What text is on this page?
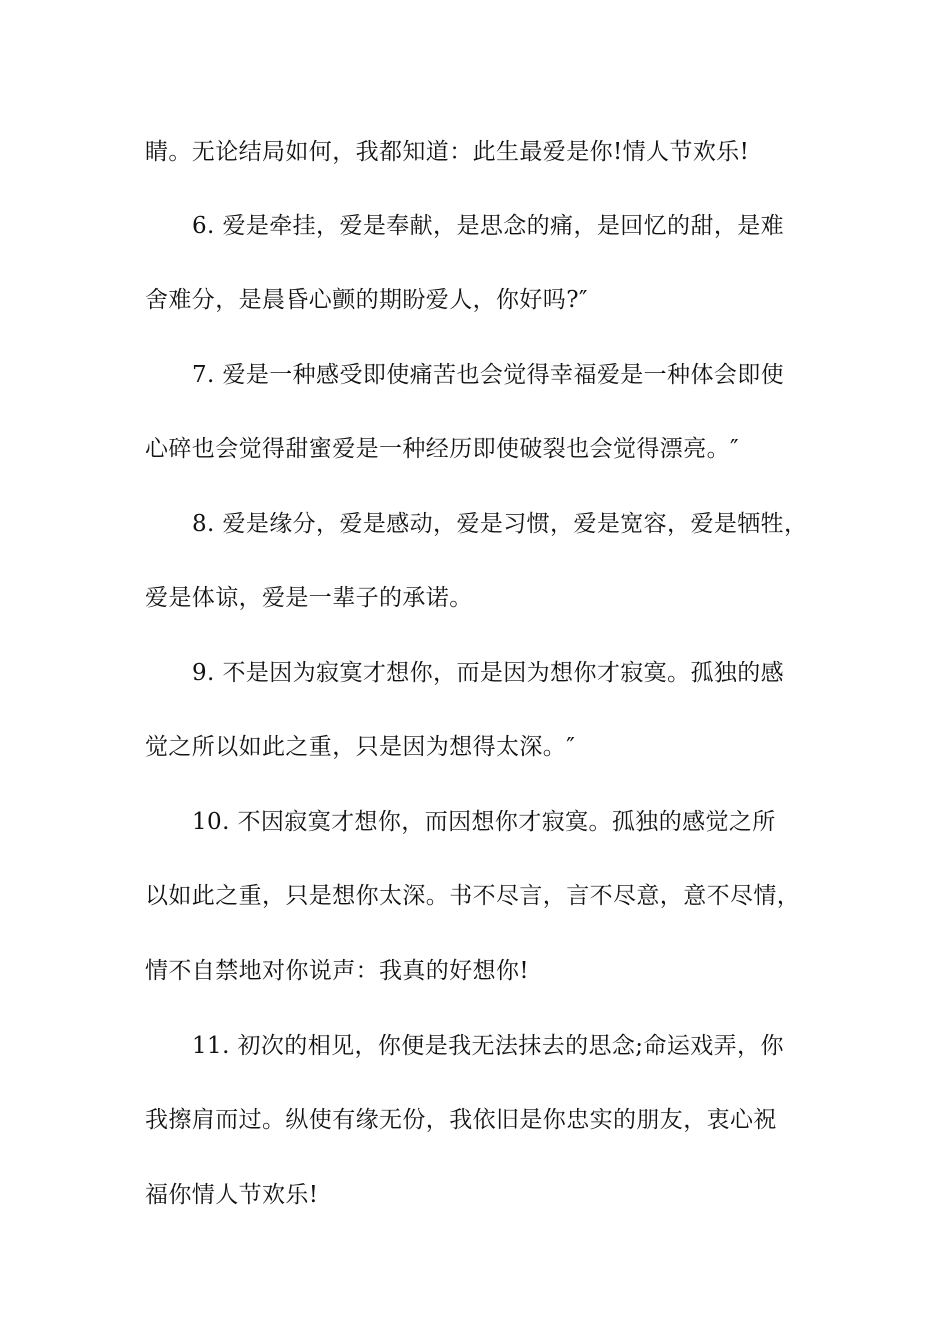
睛。无论结局如何，我都知道：此生最爱是你!情人节欢乐!
6. 爱是牵挂，爱是奉献，是思念的痛，是回忆的甜，是难
舍难分，是晨昏心颤的期盼爱人，你好吗?″
7. 爱是一种感受即使痛苦也会觉得幸福爱是一种体会即使
心碎也会觉得甜蜜爱是一种经历即使破裂也会觉得漂亮。″
8. 爱是缘分，爱是感动，爱是习惯，爱是宽容，爱是牺牲，
爱是体谅，爱是一辈子的承诺。
9. 不是因为寂寞才想你，而是因为想你才寂寞。孤独的感
觉之所以如此之重，只是因为想得太深。″
10. 不因寂寞才想你，而因想你才寂寞。孤独的感觉之所
以如此之重，只是想你太深。书不尽言，言不尽意，意不尽情，
情不自禁地对你说声：我真的好想你!
11. 初次的相见，你便是我无法抹去的思念;命运戏弄，你
我擦肩而过。纵使有缘无份，我依旧是你忠实的朋友，衷心祝
福你情人节欢乐!
